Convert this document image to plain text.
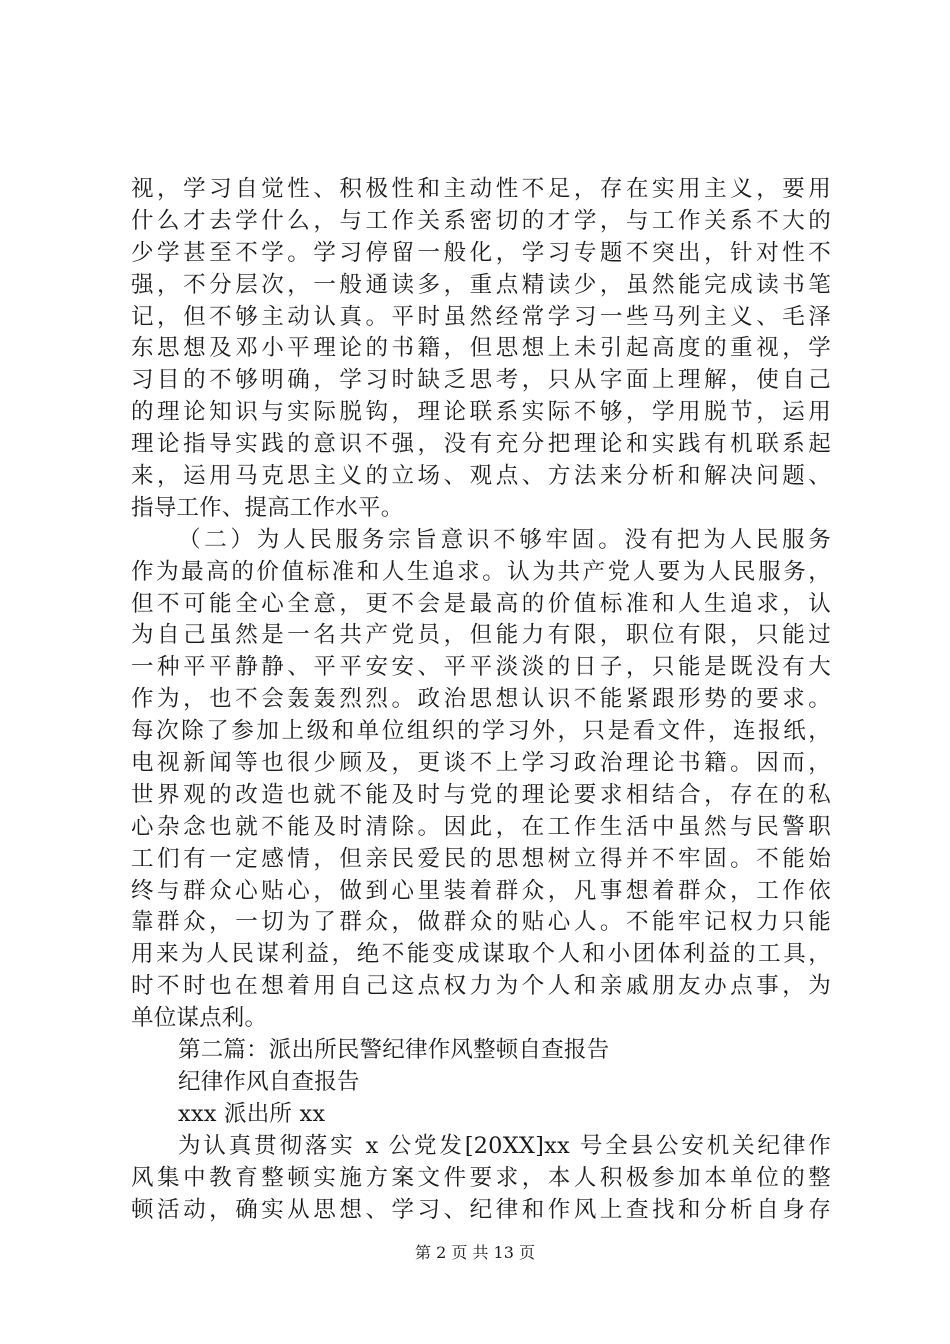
视，学习自觉性、积极性和主动性不足，存在实用主义，要用
什么才去学什么，与工作关系密切的才学，与工作关系不大的
少学甚至不学。学习停留一般化，学习专题不突出，针对性不
强，不分层次，一般通读多，重点精读少，虽然能完成读书笔
记，但不够主动认真。平时虽然经常学习一些马列主义、毛泽
东思想及邓小平理论的书籍，但思想上未引起高度的重视，学
习目的不够明确，学习时缺乏思考，只从字面上理解，使自己
的理论知识与实际脱钩，理论联系实际不够，学用脱节，运用
理论指导实践的意识不强，没有充分把理论和实践有机联系起
来，运用马克思主义的立场、观点、方法来分析和解决问题、
指导工作、提高工作水平。
（二）为人民服务宗旨意识不够牢固。没有把为人民服务
作为最高的价值标准和人生追求。认为共产党人要为人民服务，
但不可能全心全意，更不会是最高的价值标准和人生追求，认
为自己虽然是一名共产党员，但能力有限，职位有限，只能过
一种平平静静、平平安安、平平淡淡的日子，只能是既没有大
作为，也不会轰轰烈烈。政治思想认识不能紧跟形势的要求。
每次除了参加上级和单位组织的学习外，只是看文件，连报纸，
电视新闻等也很少顾及，更谈不上学习政治理论书籍。因而，
世界观的改造也就不能及时与党的理论要求相结合，存在的私
心杂念也就不能及时清除。因此，在工作生活中虽然与民警职
工们有一定感情，但亲民爱民的思想树立得并不牢固。不能始
终与群众心贴心，做到心里装着群众，凡事想着群众，工作依
靠群众，一切为了群众，做群众的贴心人。不能牢记权力只能
用来为人民谋利益，绝不能变成谋取个人和小团体利益的工具，
时不时也在想着用自己这点权力为个人和亲戚朋友办点事，为
单位谋点利。
第二篇：派出所民警纪律作风整顿自查报告
纪律作风自查报告
xxx 派出所 xx
为认真贯彻落实 x 公党发[20XX]xx 号全县公安机关纪律作
风集中教育整顿实施方案文件要求，本人积极参加本单位的整
顿活动，确实从思想、学习、纪律和作风上查找和分析自身存
第 2 页 共 13 页
